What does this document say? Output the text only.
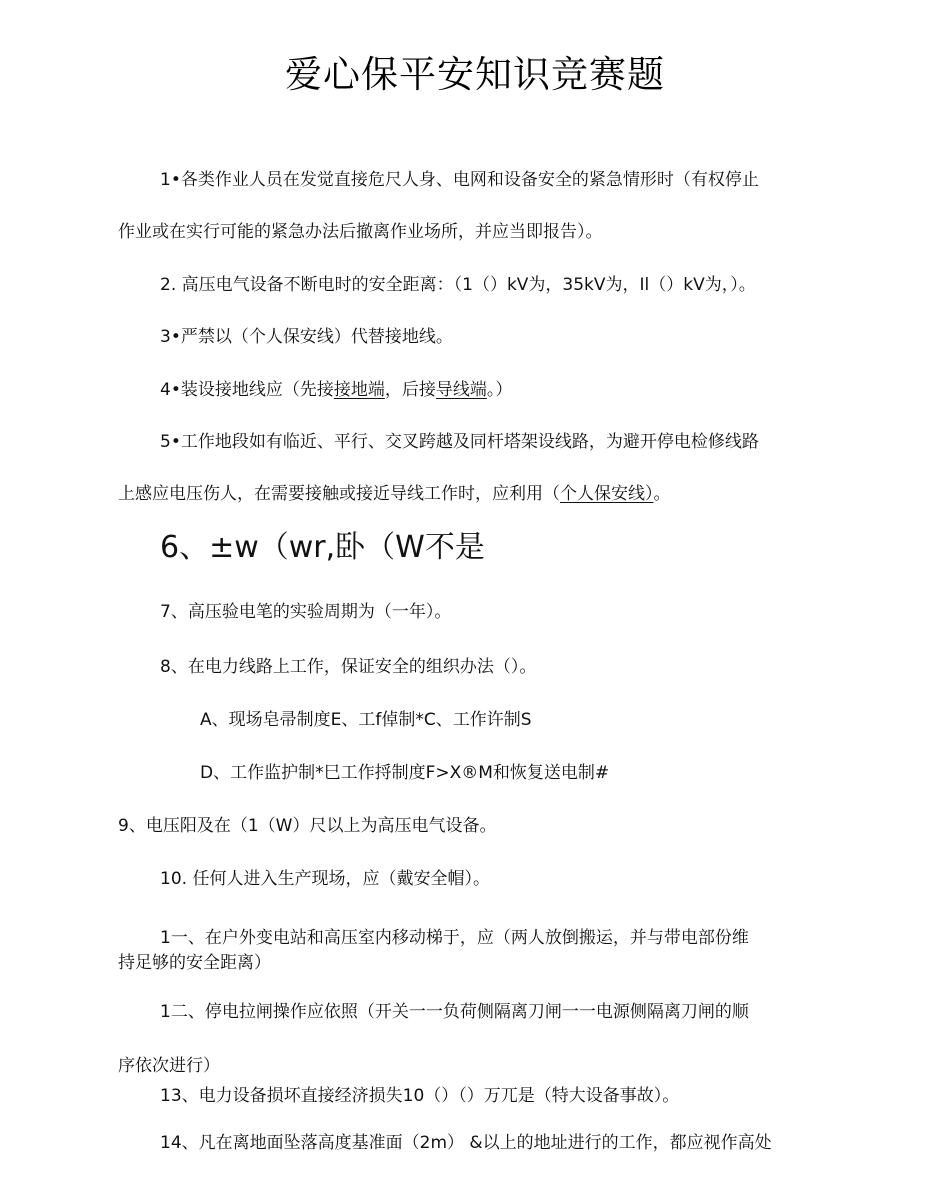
爱心保平安知识竞赛题
1•各类作业人员在发觉直接危尺人身、电网和设备安全的紧急情形时（有权停止
作业或在实行可能的紧急办法后撤离作业场所，并应当即报告）。
2. 高压电气设备不断电时的安全距离：（1（）kV为，35kV为，Il（）kV为，）。
3•严禁以（个人保安线）代替接地线。
4•装设接地线应（先接接地端，后接导线端。）
5•工作地段如有临近、平行、交叉跨越及同杆塔架设线路，为避开停电检修线路
上感应电压伤人，在需要接触或接近导线工作时，应利用（个人保安线）。
6、±w（wr,卧（W不是
7、高压验电笔的实验周期为（一年）。
8、在电力线路上工作，保证安全的组织办法（）。
A、现场皂帚制度E、工f倬制*C、工作许制S
D、工作监护制*巳工作捋制度F>X®M和恢复送电制#
9、电压阳及在（1（W）尺以上为高压电气设备。
10. 任何人进入生产现场，应（戴安全帽）。
1一、在户外变电站和高压室内移动梯于，应（两人放倒搬运，并与带电部份维
持足够的安全距离）
1二、停电拉闸操作应依照（开关一一负荷侧隔离刀闸一一电源侧隔离刀闸的顺
序依次进行）
13、电力设备损坏直接经济损失10（）（）万兀是（特大设备事故）。
14、凡在离地面坠落高度基准面（2m） &以上的地址进行的工作，都应视作高处
